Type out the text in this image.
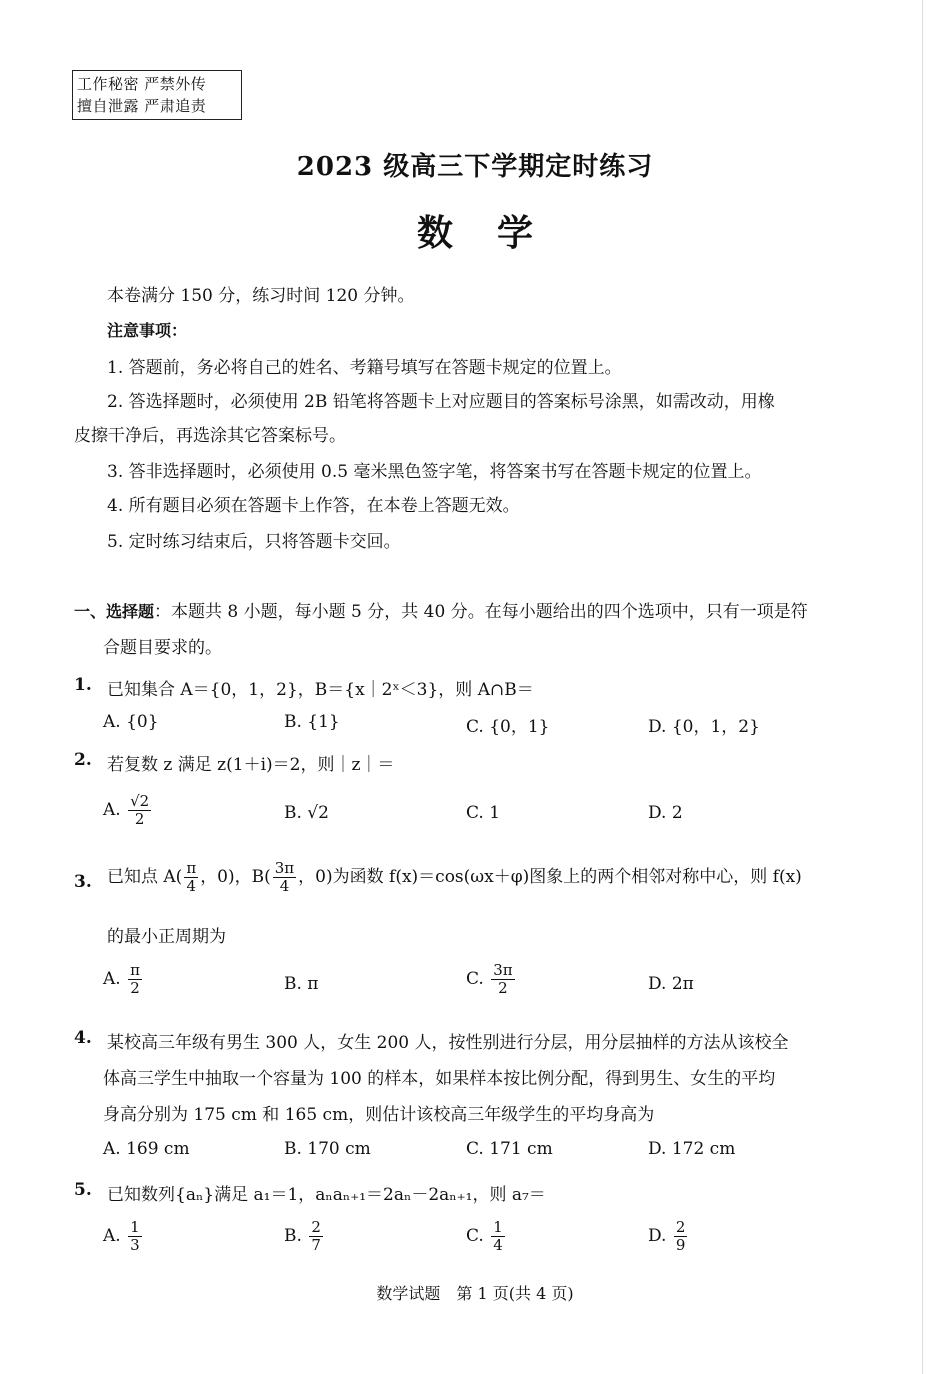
工作秘密 严禁外传
擅自泄露 严肃追责
2023 级高三下学期定时练习
数学
本卷满分 150 分，练习时间 120 分钟。
注意事项：
1. 答题前，务必将自己的姓名、考籍号填写在答题卡规定的位置上。
2. 答选择题时，必须使用 2B 铅笔将答题卡上对应题目的答案标号涂黑，如需改动，用橡
皮擦干净后，再选涂其它答案标号。
3. 答非选择题时，必须使用 0.5 毫米黑色签字笔，将答案书写在答题卡规定的位置上。
4. 所有题目必须在答题卡上作答，在本卷上答题无效。
5. 定时练习结束后，只将答题卡交回。
一、选择题：本题共 8 小题，每小题 5 分，共 40 分。在每小题给出的四个选项中，只有一项是符
合题目要求的。
1. 已知集合 A＝{0，1，2}，B＝{x｜2ˣ＜3}，则 A∩B＝
A. {0}	B. {1}	C. {0，1}	D. {0，1，2}
2. 若复数 z 满足 z(1＋i)＝2，则｜z｜＝
A. $\frac{√2}{2}$	B. √2	C. 1	D. 2
3. 已知点 $A( \frac{\pi}{4}$ ，0)，$B( \frac{3\pi}{4}$ ，0)为函数 f(x)＝cos(ωx＋φ)图象上的两个相邻对称中心，则 f(x)
的最小正周期为
A. $\frac{\pi}{2}$	B. π	C. $\frac{3\pi}{2}$	D. 2π
4. 某校高三年级有男生 300 人，女生 200 人，按性别进行分层，用分层抽样的方法从该校全
体高三学生中抽取一个容量为 100 的样本，如果样本按比例分配，得到男生、女生的平均
身高分别为 175 cm 和 165 cm，则估计该校高三年级学生的平均身高为
A. 169 cm	B. 170 cm	C. 171 cm	D. 172 cm
5. 已知数列{aₙ}满足 a₁＝1，aₙaₙ₊₁＝2aₙ－2aₙ₊₁，则 a₇＝
A. $\frac{1}{3}$	B. $\frac{2}{7}$	C. $\frac{1}{4}$	D. $\frac{2}{9}$
数学试题　第 1 页(共 4 页)
